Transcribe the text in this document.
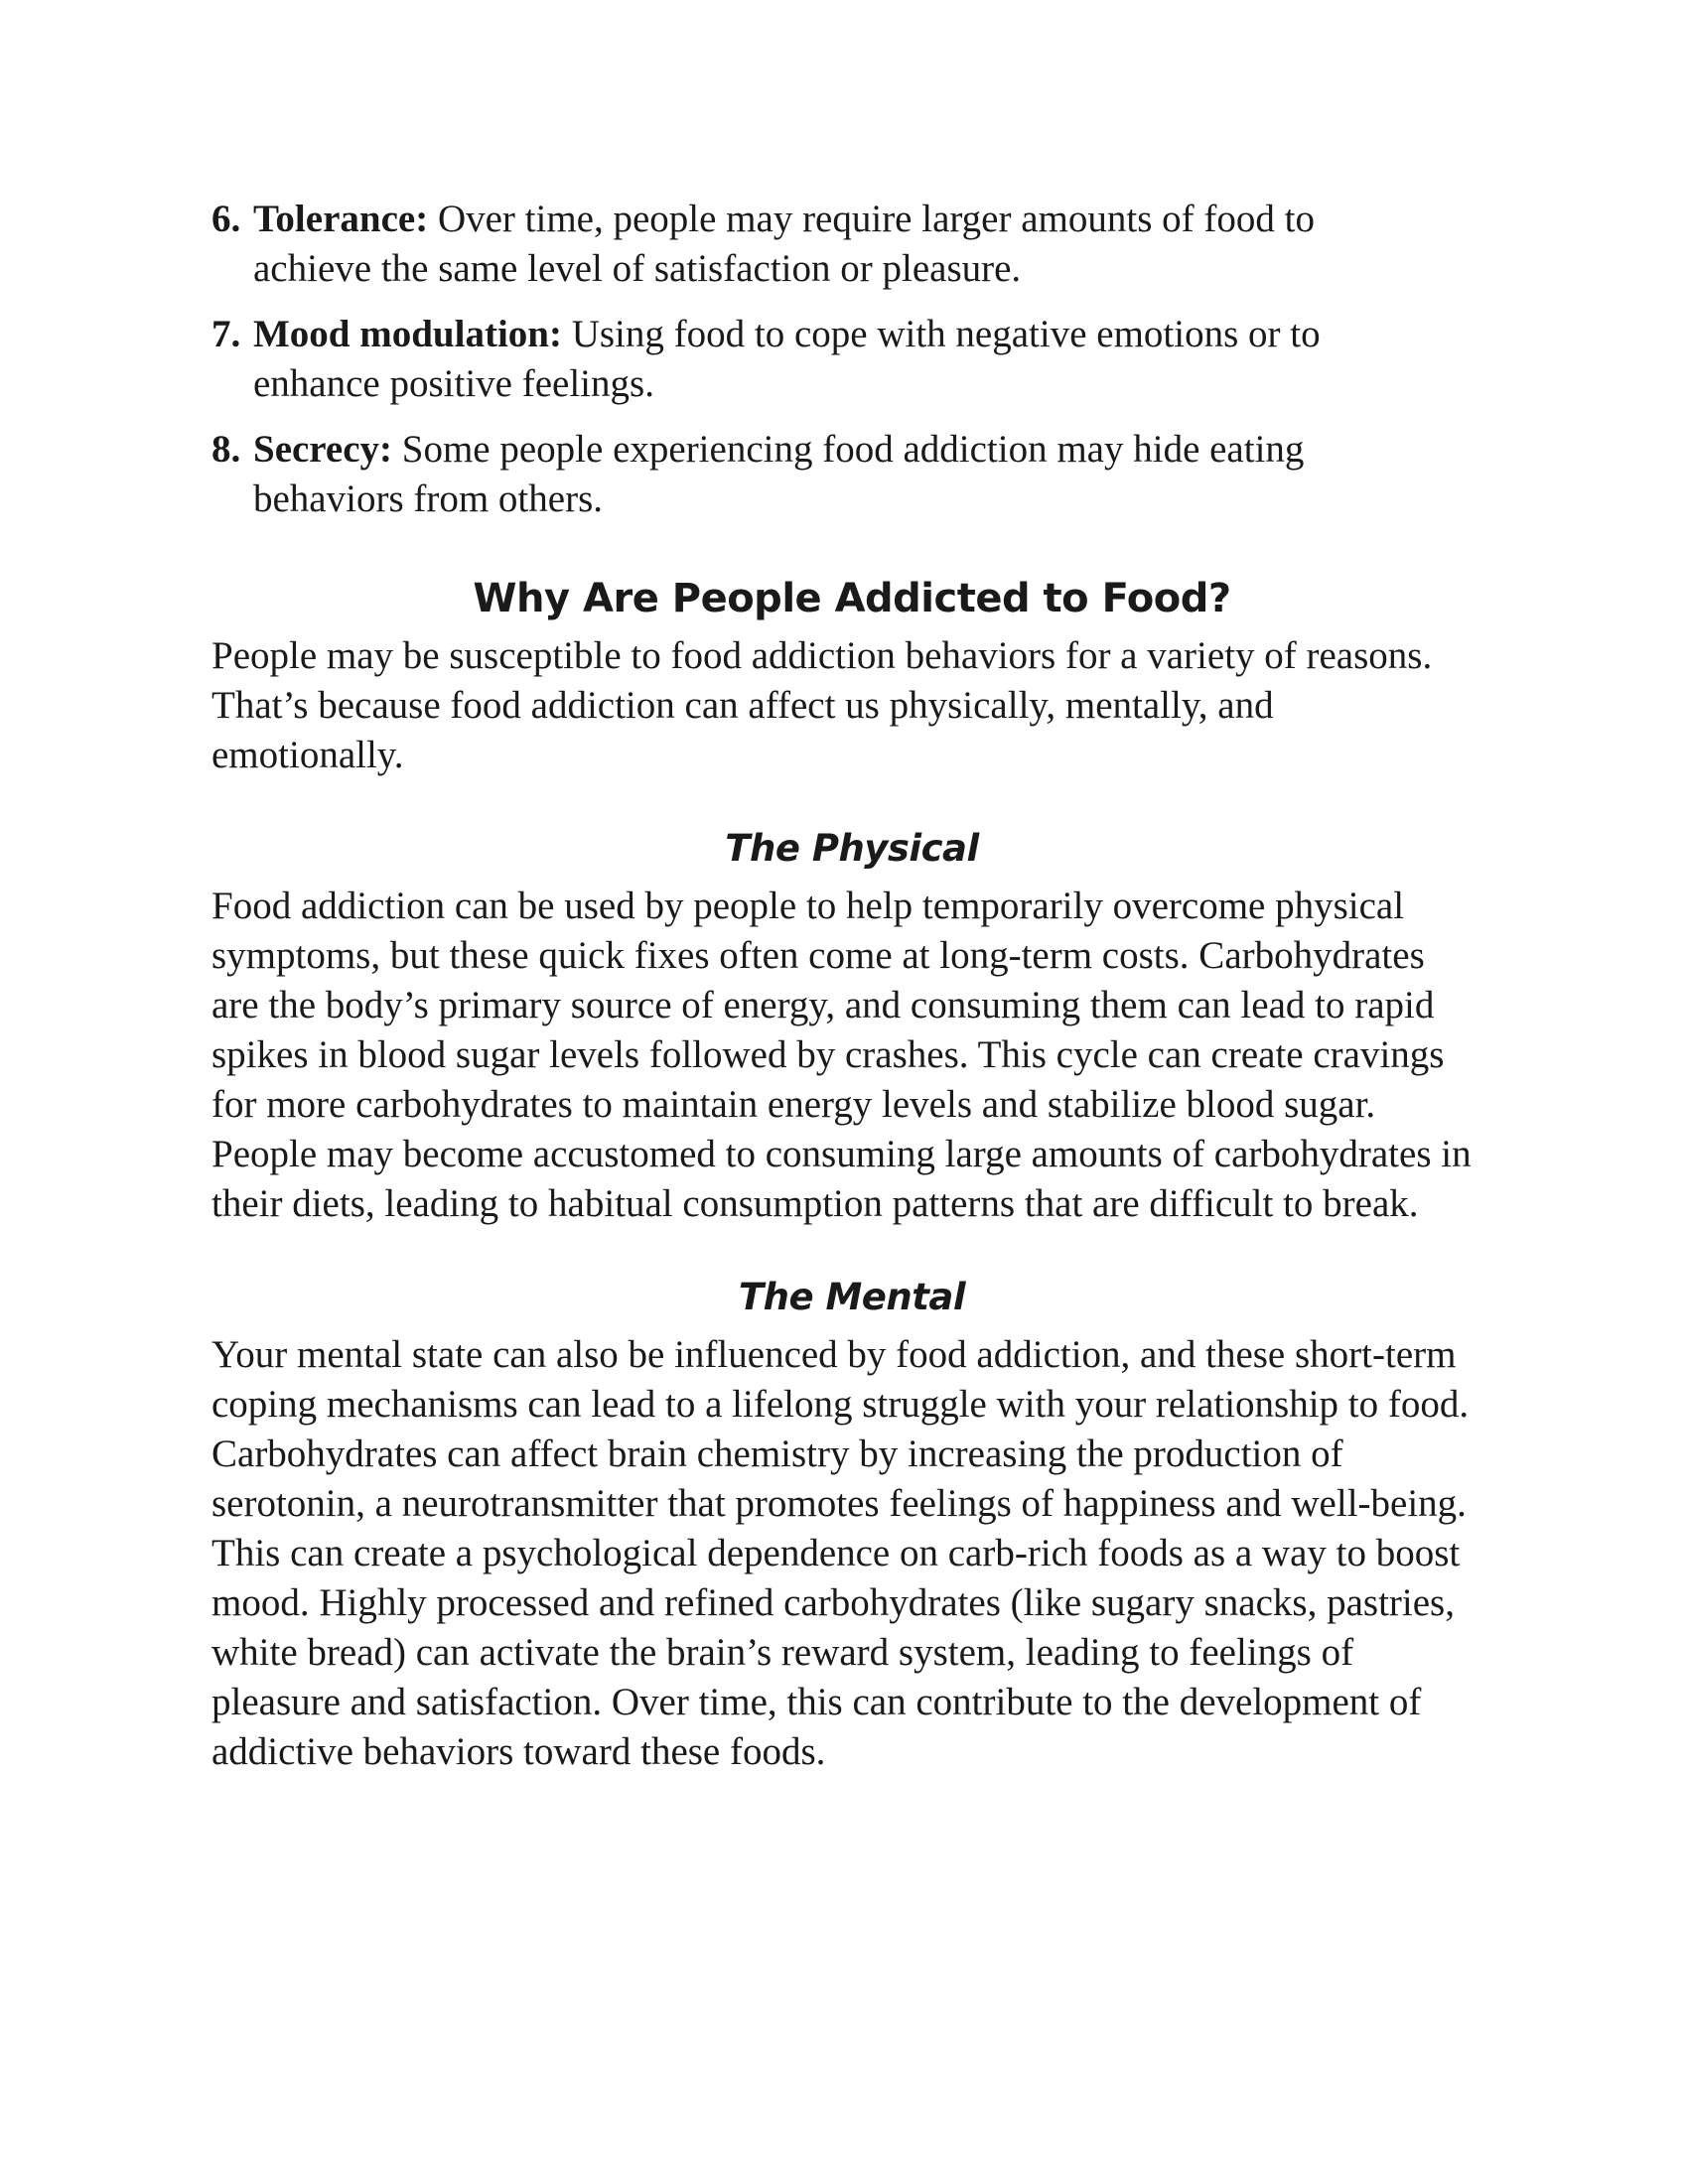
6. Tolerance: Over time, people may require larger amounts of food to achieve the same level of satisfaction or pleasure.
7. Mood modulation: Using food to cope with negative emotions or to enhance positive feelings.
8. Secrecy: Some people experiencing food addiction may hide eating behaviors from others.
Why Are People Addicted to Food?

People may be susceptible to food addiction behaviors for a variety of reasons. That’s because food addiction can affect us physically, mentally, and emotionally.

The Physical

Food addiction can be used by people to help temporarily overcome physical symptoms, but these quick fixes often come at long-term costs. Carbohydrates are the body’s primary source of energy, and consuming them can lead to rapid spikes in blood sugar levels followed by crashes. This cycle can create cravings for more carbohydrates to maintain energy levels and stabilize blood sugar. People may become accustomed to consuming large amounts of carbohydrates in their diets, leading to habitual consumption patterns that are difficult to break.

The Mental

Your mental state can also be influenced by food addiction, and these short-term coping mechanisms can lead to a lifelong struggle with your relationship to food. Carbohydrates can affect brain chemistry by increasing the production of serotonin, a neurotransmitter that promotes feelings of happiness and well-being. This can create a psychological dependence on carb-rich foods as a way to boost mood. Highly processed and refined carbohydrates (like sugary snacks, pastries, white bread) can activate the brain’s reward system, leading to feelings of pleasure and satisfaction. Over time, this can contribute to the development of addictive behaviors toward these foods.
